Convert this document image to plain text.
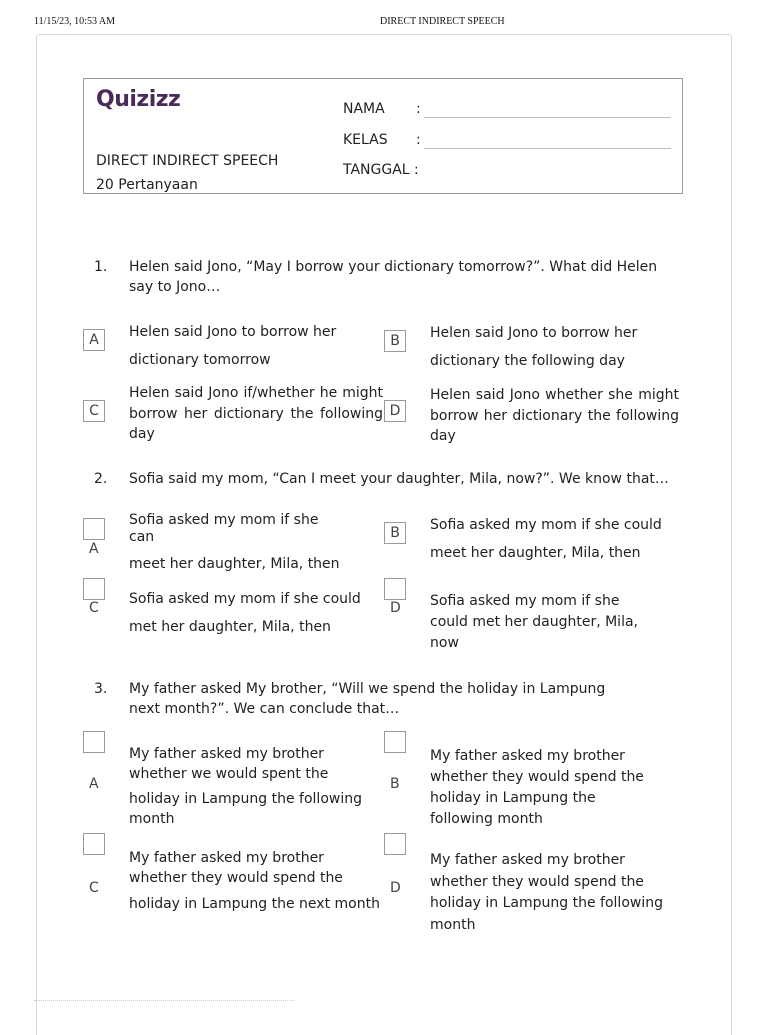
11/15/23, 10:53 AM	DIRECT INDIRECT SPEECH
Quizizz
DIRECT INDIRECT SPEECH
20 Pertanyaan
NAMA :
KELAS :
TANGGAL :
1. Helen said Jono, “May I borrow your dictionary tomorrow?”. What did Helen say to Jono…
A	Helen said Jono to borrow her
dictionary tomorrow
B	Helen said Jono to borrow her
dictionary the following day
C
Helen said Jono if/whether he might borrow her dictionary the following day
D
Helen said Jono whether she might borrow her dictionary the following day
2. Sofia said my mom, “Can I meet your daughter, Mila, now?”. We know that…
A
Sofia asked my mom if she
can
meet her daughter, Mila, then
B	Sofia asked my mom if she could
meet her daughter, Mila, then
C
Sofia asked my mom if she could
met her daughter, Mila, then
D Sofia asked my mom if she
could met her daughter, Mila,
now
3. My father asked My brother, “Will we spend the holiday in Lampung next month?”. We can conclude that…
A
My father asked my brother
whether we would spent the
holiday in Lampung the following
month
B
My father asked my brother
whether they would spend the
holiday in Lampung the
following month
C
My father asked my brother
whether they would spend the
holiday in Lampung the next month
D
My father asked my brother
whether they would spend the
holiday in Lampung the following
month
